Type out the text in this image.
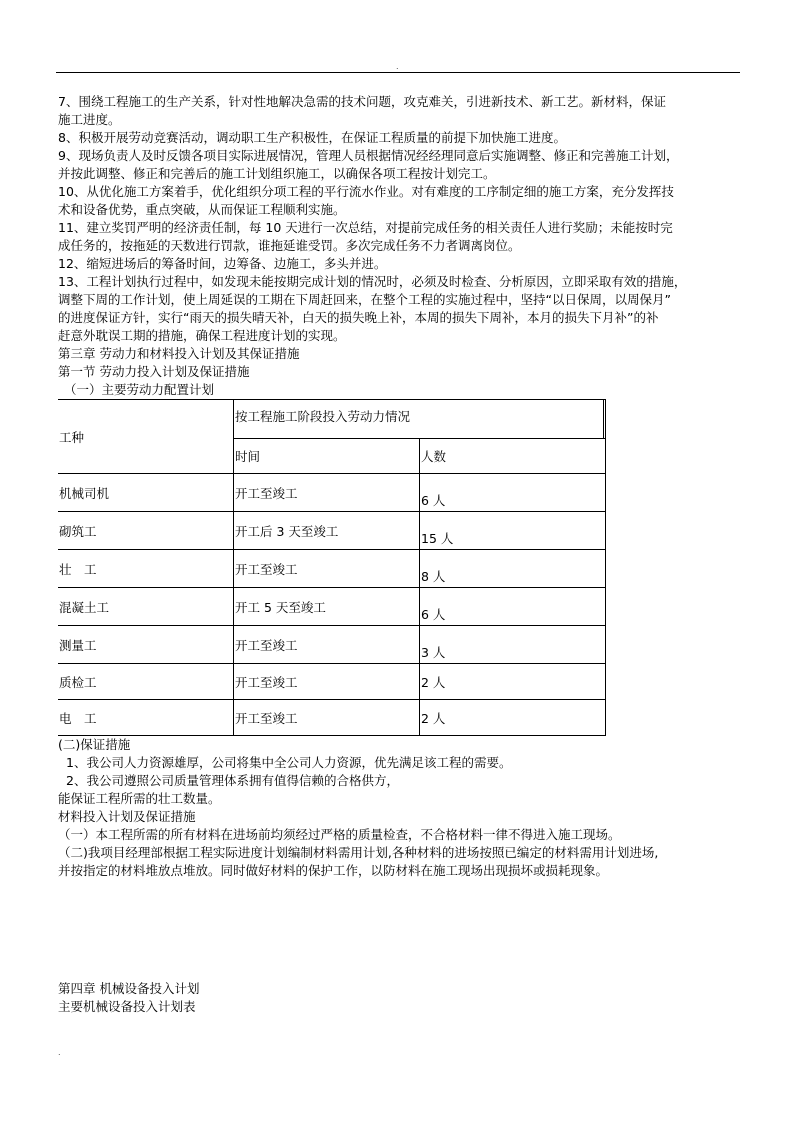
.
7、围绕工程施工的生产关系，针对性地解决急需的技术问题，攻克难关，引进新技术、新工艺。新材料，保证
施工进度。
8、积极开展劳动竞赛活动，调动职工生产积极性，在保证工程质量的前提下加快施工进度。
9、现场负责人及时反馈各项目实际进展情况，管理人员根据情况经经理同意后实施调整、修正和完善施工计划，
并按此调整、修正和完善后的施工计划组织施工，以确保各项工程按计划完工。
10、从优化施工方案着手，优化组织分项工程的平行流水作业。对有难度的工序制定细的施工方案，充分发挥技
术和设备优势，重点突破，从而保证工程顺利实施。
11、建立奖罚严明的经济责任制，每 10 天进行一次总结，对提前完成任务的相关责任人进行奖励；未能按时完
成任务的，按拖延的天数进行罚款，谁拖延谁受罚。多次完成任务不力者调离岗位。
12、缩短进场后的筹备时间，边筹备、边施工，多头并进。
13、工程计划执行过程中，如发现未能按期完成计划的情况时，必须及时检查、分析原因，立即采取有效的措施，
调整下周的工作计划，使上周延误的工期在下周赶回来，在整个工程的实施过程中，坚持“以日保周，以周保月”
的进度保证方针，实行“雨天的损失晴天补，白天的损失晚上补，本周的损失下周补，本月的损失下月补”的补
赶意外耽误工期的措施，确保工程进度计划的实现。
第三章 劳动力和材料投入计划及其保证措施
第一节 劳动力投入计划及保证措施
（一）主要劳动力配置计划
工种	按工程施工阶段投入劳动力情况	

	时间	人数
机械司机	开工至竣工	6 人
砌筑工	开工后 3 天至竣工	15 人
壮　工	开工至竣工	8 人
混凝土工	开工 5 天至竣工	6 人
测量工	开工至竣工	3 人
质检工	开工至竣工	2 人
电　工	开工至竣工	2 人
(二)保证措施
1、我公司人力资源雄厚，公司将集中全公司人力资源，优先满足该工程的需要。
2、我公司遵照公司质量管理体系拥有值得信赖的合格供方，
能保证工程所需的壮工数量。
材料投入计划及保证措施
（一）本工程所需的所有材料在进场前均须经过严格的质量检查，不合格材料一律不得进入施工现场。
（二)我项目经理部根据工程实际进度计划编制材料需用计划,各种材料的进场按照已编定的材料需用计划进场,
并按指定的材料堆放点堆放。同时做好材料的保护工作，以防材料在施工现场出现损坏或损耗现象。
第四章 机械设备投入计划
主要机械设备投入计划表
.
